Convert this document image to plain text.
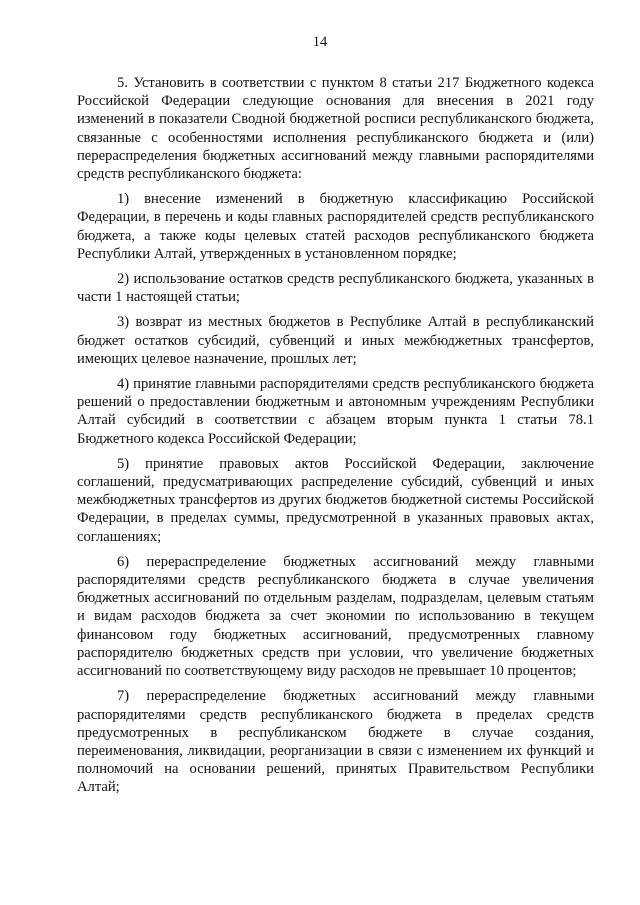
14

5. Установить в соответствии с пунктом 8 статьи 217 Бюджетного кодекса Российской Федерации следующие основания для внесения в 2021 году изменений в показатели Сводной бюджетной росписи республиканского бюджета, связанные с особенностями исполнения республиканского бюджета и (или) перераспределения бюджетных ассигнований между главными распорядителями средств республиканского бюджета:

1) внесение изменений в бюджетную классификацию Российской Федерации, в перечень и коды главных распорядителей средств республиканского бюджета, а также коды целевых статей расходов республиканского бюджета Республики Алтай, утвержденных в установленном порядке;

2) использование остатков средств республиканского бюджета, указанных в части 1 настоящей статьи;

3) возврат из местных бюджетов в Республике Алтай в республиканский бюджет остатков субсидий, субвенций и иных межбюджетных трансфертов, имеющих целевое назначение, прошлых лет;

4) принятие главными распорядителями средств республиканского бюджета решений о предоставлении бюджетным и автономным учреждениям Республики Алтай субсидий в соответствии с абзацем вторым пункта 1 статьи 78.1 Бюджетного кодекса Российской Федерации;

5) принятие правовых актов Российской Федерации, заключение соглашений, предусматривающих распределение субсидий, субвенций и иных межбюджетных трансфертов из других бюджетов бюджетной системы Российской Федерации, в пределах суммы, предусмотренной в указанных правовых актах, соглашениях;

6) перераспределение бюджетных ассигнований между главными распорядителями средств республиканского бюджета в случае увеличения бюджетных ассигнований по отдельным разделам, подразделам, целевым статьям и видам расходов бюджета за счет экономии по использованию в текущем финансовом году бюджетных ассигнований, предусмотренных главному распорядителю бюджетных средств при условии, что увеличение бюджетных ассигнований по соответствующему виду расходов не превышает 10 процентов;

7) перераспределение бюджетных ассигнований между главными распорядителями средств республиканского бюджета в пределах средств предусмотренных в республиканском бюджете в случае создания, переименования, ликвидации, реорганизации в связи с изменением их функций и полномочий на основании решений, принятых Правительством Республики Алтай;
